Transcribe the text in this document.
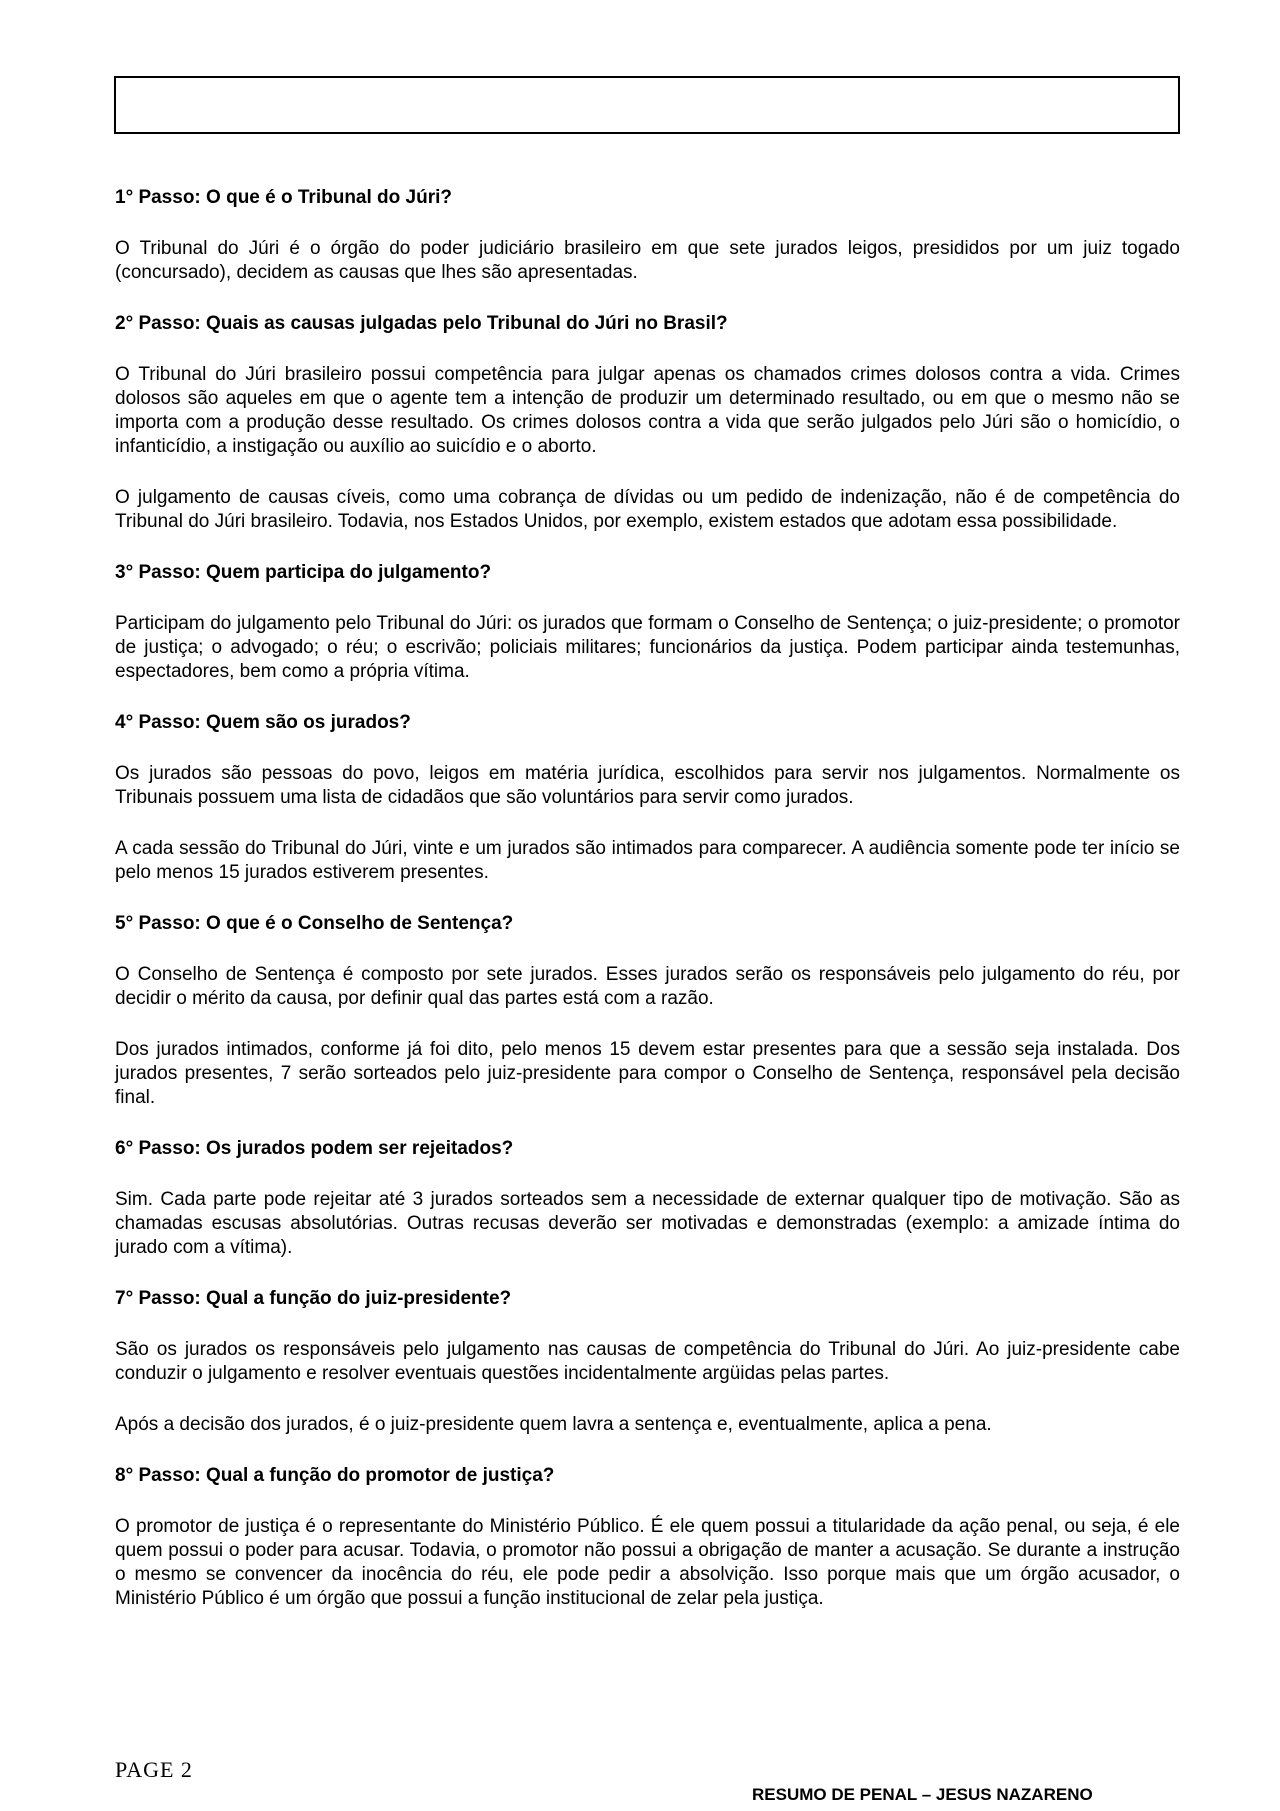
1° Passo: O que é o Tribunal do Júri?
O Tribunal do Júri é o órgão do poder judiciário brasileiro em que sete jurados leigos, presididos por um juiz togado (concursado), decidem as causas que lhes são apresentadas.
2° Passo: Quais as causas julgadas pelo Tribunal do Júri no Brasil?
O Tribunal do Júri brasileiro possui competência para julgar apenas os chamados crimes dolosos contra a vida. Crimes dolosos são aqueles em que o agente tem a intenção de produzir um determinado resultado, ou em que o mesmo não se importa com a produção desse resultado. Os crimes dolosos contra a vida que serão julgados pelo Júri são o homicídio, o infanticídio, a instigação ou auxílio ao suicídio e o aborto.
O julgamento de causas cíveis, como uma cobrança de dívidas ou um pedido de indenização, não é de competência do Tribunal do Júri brasileiro. Todavia, nos Estados Unidos, por exemplo, existem estados que adotam essa possibilidade.
3° Passo: Quem participa do julgamento?
Participam do julgamento pelo Tribunal do Júri: os jurados que formam o Conselho de Sentença; o juiz-presidente; o promotor de justiça; o advogado; o réu; o escrivão; policiais militares; funcionários da justiça. Podem participar ainda testemunhas, espectadores, bem como a própria vítima.
4° Passo: Quem são os jurados?
Os jurados são pessoas do povo, leigos em matéria jurídica, escolhidos para servir nos julgamentos. Normalmente os Tribunais possuem uma lista de cidadãos que são voluntários para servir como jurados.
A cada sessão do Tribunal do Júri, vinte e um jurados são intimados para comparecer. A audiência somente pode ter início se pelo menos 15 jurados estiverem presentes.
5° Passo: O que é o Conselho de Sentença?
O Conselho de Sentença é composto por sete jurados. Esses jurados serão os responsáveis pelo julgamento do réu, por decidir o mérito da causa, por definir qual das partes está com a razão.
Dos jurados intimados, conforme já foi dito, pelo menos 15 devem estar presentes para que a sessão seja instalada. Dos jurados presentes, 7 serão sorteados pelo juiz-presidente para compor o Conselho de Sentença, responsável pela decisão final.
6° Passo: Os jurados podem ser rejeitados?
Sim. Cada parte pode rejeitar até 3 jurados sorteados sem a necessidade de externar qualquer tipo de motivação. São as chamadas escusas absolutórias. Outras recusas deverão ser motivadas e demonstradas (exemplo: a amizade íntima do jurado com a vítima).
7° Passo: Qual a função do juiz-presidente?
São os jurados os responsáveis pelo julgamento nas causas de competência do Tribunal do Júri. Ao juiz-presidente cabe conduzir o julgamento e resolver eventuais questões incidentalmente argüidas pelas partes.
Após a decisão dos jurados, é o juiz-presidente quem lavra a sentença e, eventualmente, aplica a pena.
8° Passo: Qual a função do promotor de justiça?
O promotor de justiça é o representante do Ministério Público. É ele quem possui a titularidade da ação penal, ou seja, é ele quem possui o poder para acusar. Todavia, o promotor não possui a obrigação de manter a acusação. Se durante a instrução o mesmo se convencer da inocência do réu, ele pode pedir a absolvição. Isso porque mais que um órgão acusador, o Ministério Público é um órgão que possui a função institucional de zelar pela justiça.
PAGE 2
RESUMO DE PENAL – JESUS NAZARENO
